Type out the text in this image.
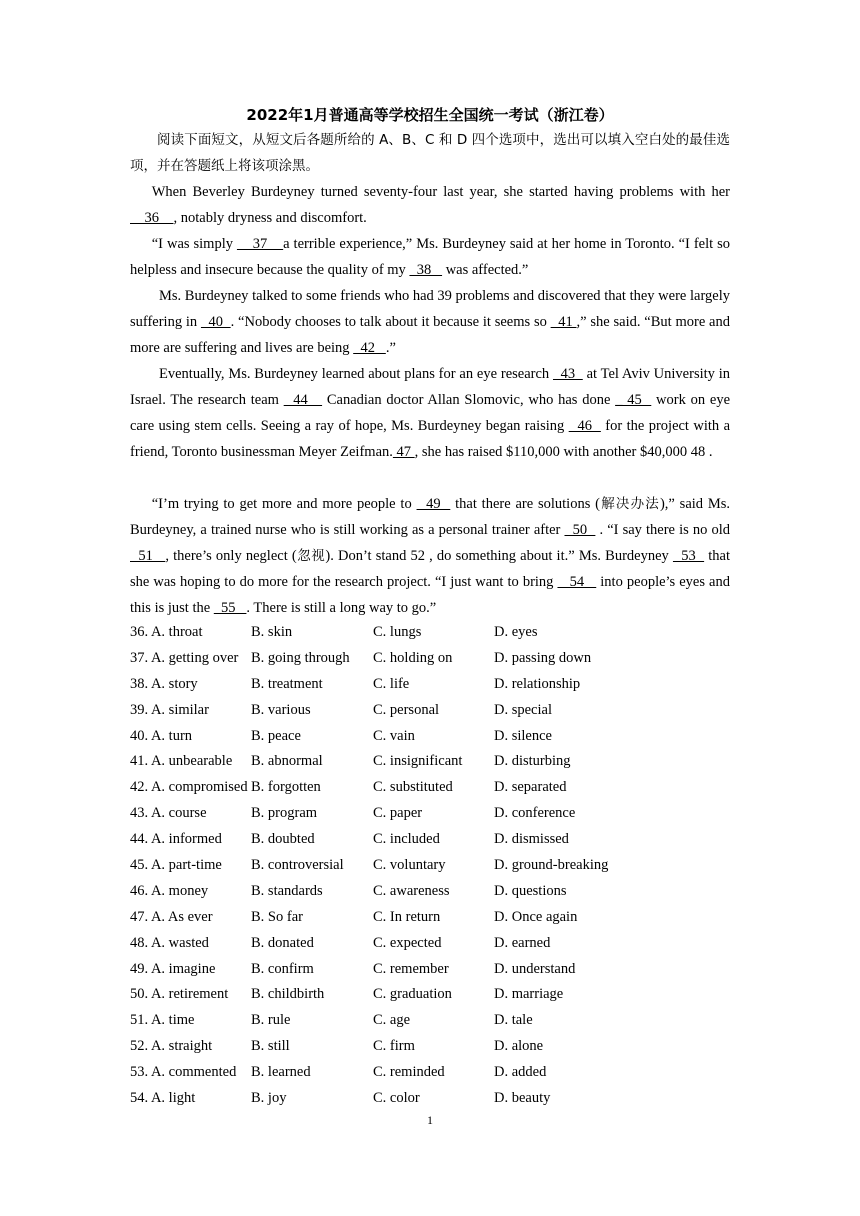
2022年1月普通高等学校招生全国统一考试（浙江卷）
阅读下面短文，从短文后各题所给的 A、B、C 和 D 四个选项中，选出可以填入空白处的最佳选项，并在答题纸上将该项涂黑。
When Beverley Burdeyney turned seventy-four last year, she started having problems with her     36    , notably dryness and discomfort.
“I was simply     37    a terrible experience,” Ms. Burdeyney said at her home in Toronto. “I felt so helpless and insecure because the quality of my   38    was affected.”
Ms. Burdeyney talked to some friends who had 39 problems and discovered that they were largely suffering in   40  . “Nobody chooses to talk about it because it seems so   41 ,” she said. “But more and more are suffering and lives are being   42   .”
Eventually, Ms. Burdeyney learned about plans for an eye research   43   at Tel Aviv University in Israel. The research team   44    Canadian doctor Allan Slomovic, who has done _ 45   work on eye care using stem cells. Seeing a ray of hope, Ms. Burdeyney began raising   46   for the project with a friend, Toronto businessman Meyer Zeifman. 47 , she has raised $110,000 with another $40,000 48 .
“I’m trying to get more and more people to   49   that there are solutions (解决办法),” said Ms. Burdeyney, a trained nurse who is still working as a personal trainer after   50   . “I say there is no old   51   , there’s only neglect (忽视). Don’t stand 52 , do something about it.” Ms. Burdeyney   53   that she was hoping to do more for the research project. “I just want to bring    54    into people’s eyes and this is just the   55   . There is still a long way to go.”
36. A. throat	B. skin	C. lungs	D. eyes
37. A. getting over B. going through C. holding on	D. passing down
38. A. story	B. treatment	C. life	D. relationship
39. A. similar	B. various	C. personal	D. special
40. A. turn	B. peace	C. vain	D. silence
41. A. unbearable B. abnormal	C. insignificant D. disturbing
42. A. compromised B. forgotten	C. substituted	D. separated
43. A. course	B. program	C. paper	D. conference
44. A. informed B. doubted	C. included	D. dismissed
45. A. part-time B. controversial C. voluntary	D. ground-breaking
46. A. money	B. standards	C. awareness	D. questions
47. A. As ever	B. So far	C. In return	D. Once again
48. A. wasted	B. donated	C. expected	D. earned
49. A. imagine B. confirm	C. remember	D. understand
50. A. retirement B. childbirth	C. graduation	D. marriage
51. A. time	B. rule	C. age	D. tale
52. A. straight	B. still	C. firm	D. alone
53. A. commented B. learned	C. reminded	D. added
54. A. light	B. joy	C. color	D. beauty
1
